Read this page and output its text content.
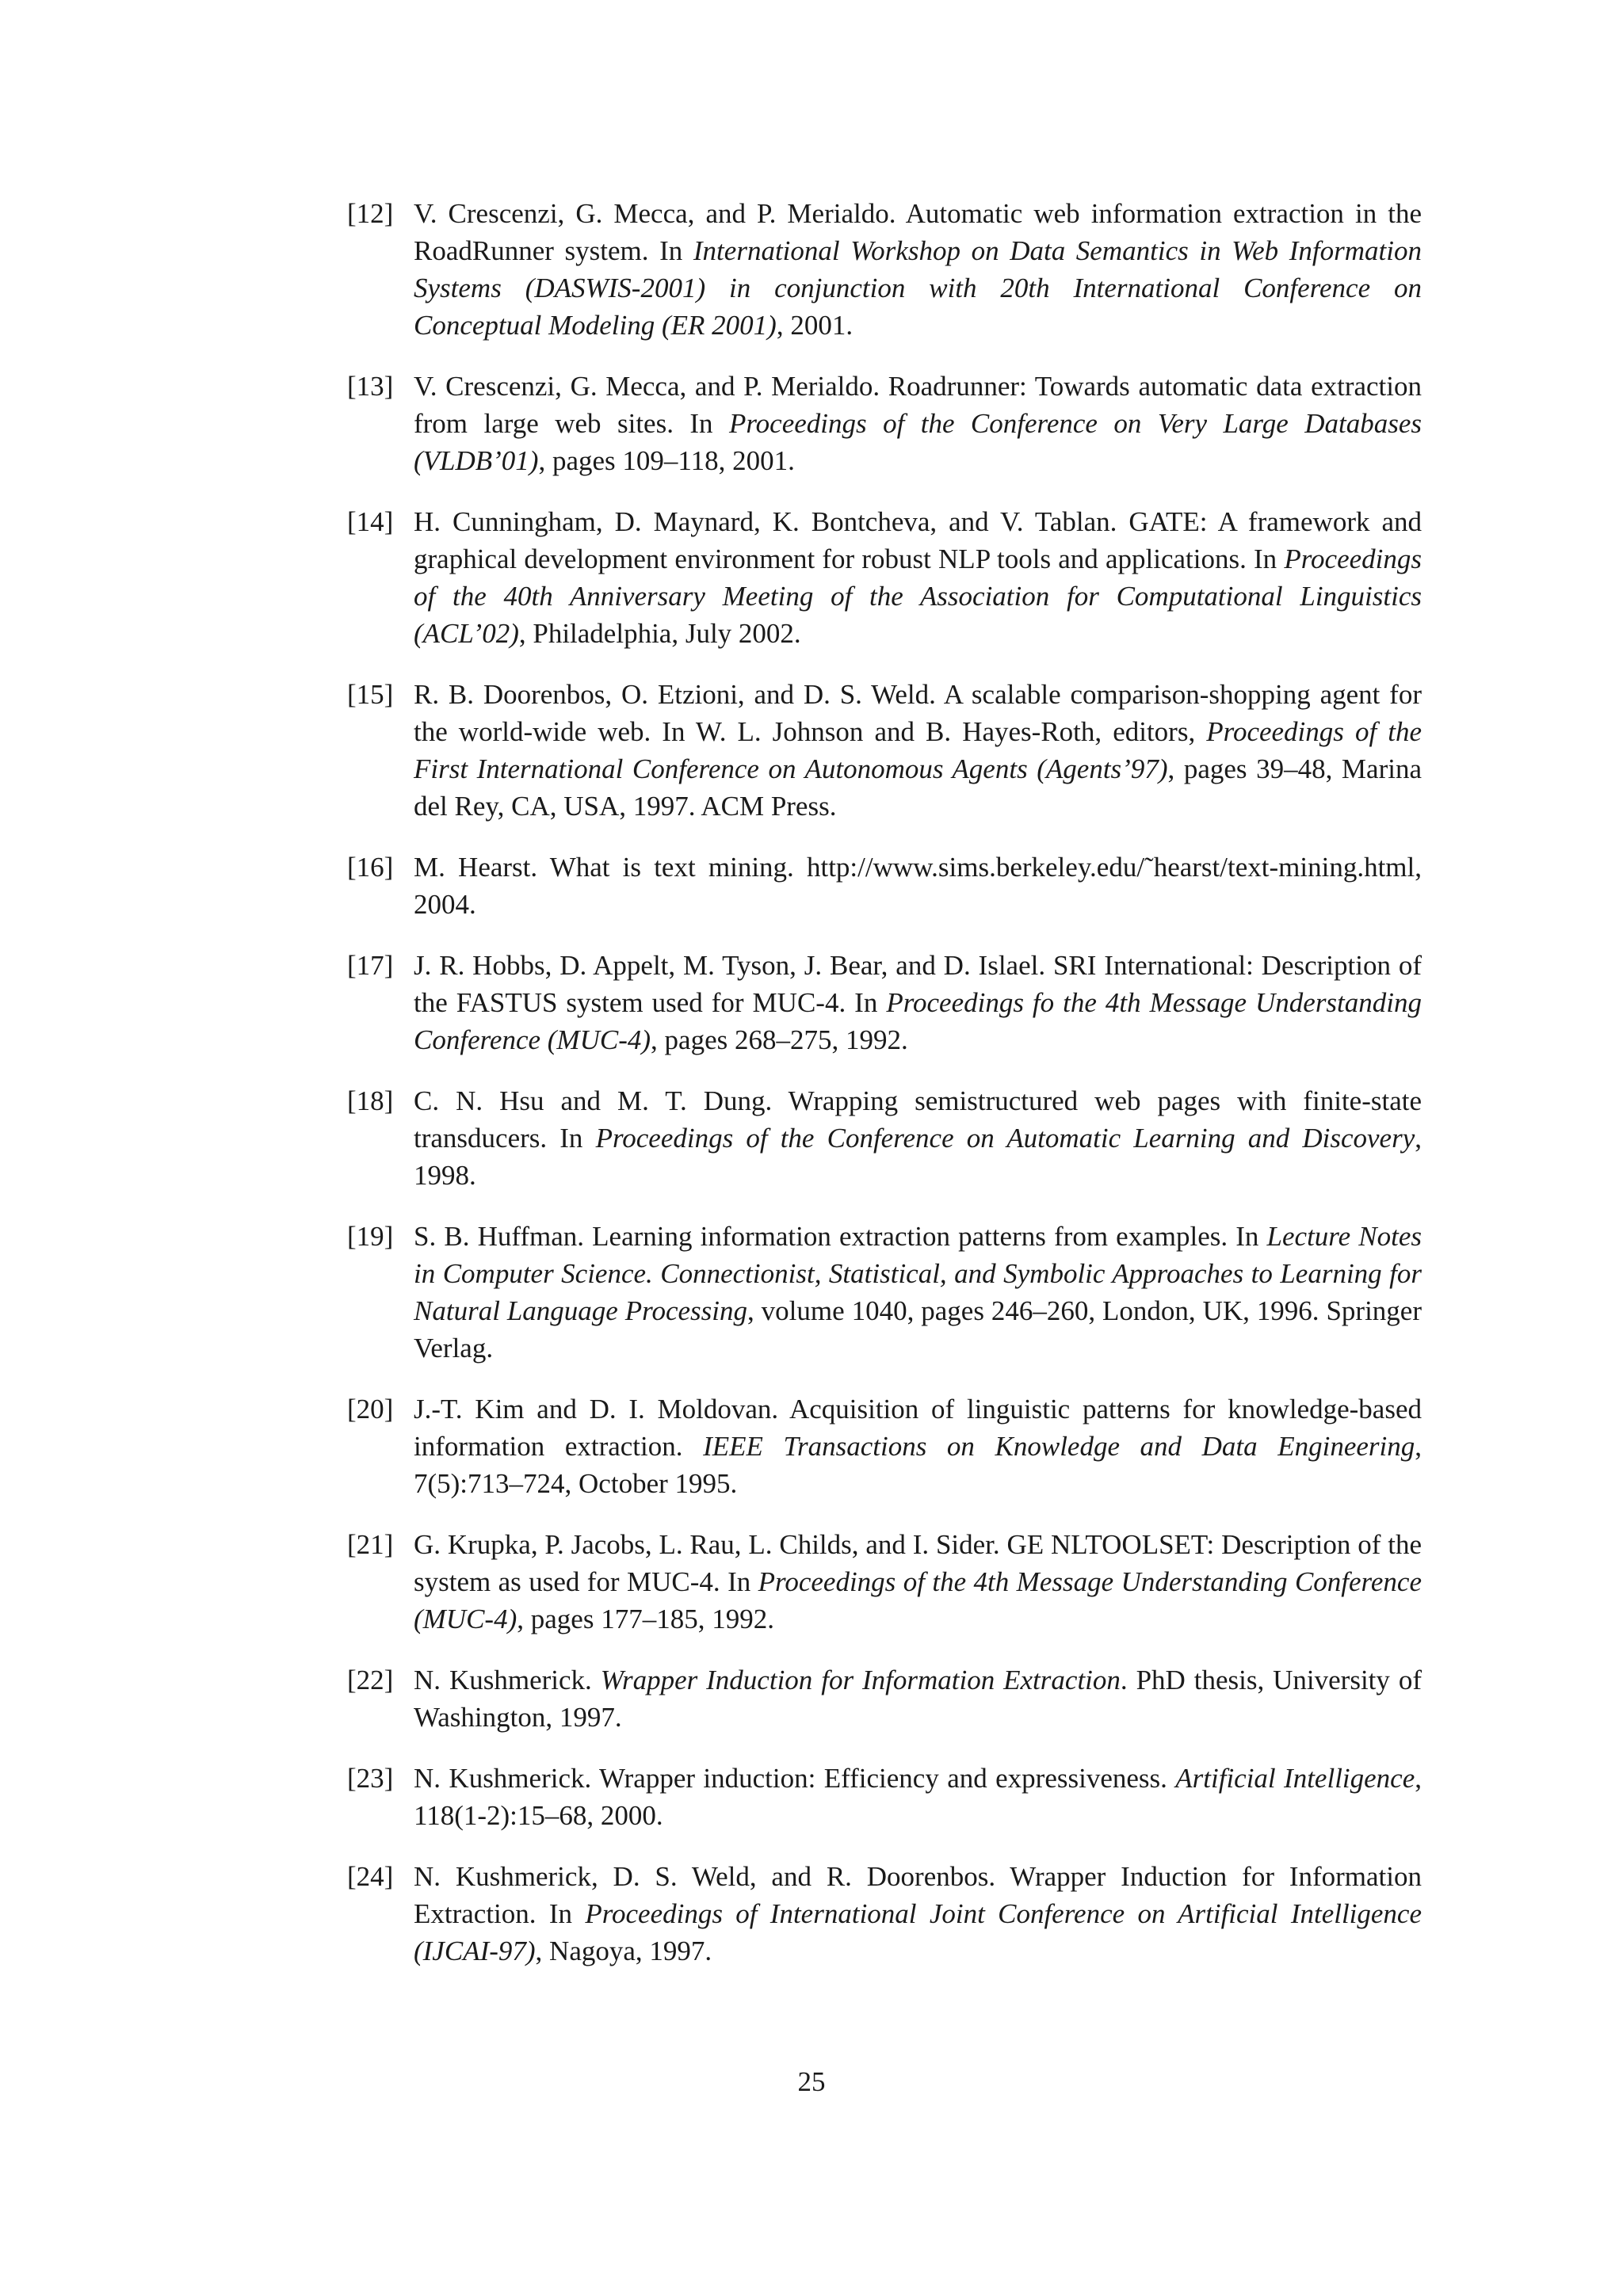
[12] V. Crescenzi, G. Mecca, and P. Merialdo. Automatic web information extraction in the RoadRunner system. In International Workshop on Data Semantics in Web Information Systems (DASWIS-2001) in conjunction with 20th International Conference on Conceptual Modeling (ER 2001), 2001.
[13] V. Crescenzi, G. Mecca, and P. Merialdo. Roadrunner: Towards automatic data extraction from large web sites. In Proceedings of the Conference on Very Large Databases (VLDB’01), pages 109–118, 2001.
[14] H. Cunningham, D. Maynard, K. Bontcheva, and V. Tablan. GATE: A framework and graphical development environment for robust NLP tools and applications. In Proceedings of the 40th Anniversary Meeting of the Association for Computational Linguistics (ACL’02), Philadelphia, July 2002.
[15] R. B. Doorenbos, O. Etzioni, and D. S. Weld. A scalable comparison-shopping agent for the world-wide web. In W. L. Johnson and B. Hayes-Roth, editors, Proceedings of the First International Conference on Autonomous Agents (Agents’97), pages 39–48, Marina del Rey, CA, USA, 1997. ACM Press.
[16] M. Hearst. What is text mining. http://www.sims.berkeley.edu/˜hearst/text-mining.html, 2004.
[17] J. R. Hobbs, D. Appelt, M. Tyson, J. Bear, and D. Islael. SRI International: Description of the FASTUS system used for MUC-4. In Proceedings fo the 4th Message Understanding Conference (MUC-4), pages 268–275, 1992.
[18] C. N. Hsu and M. T. Dung. Wrapping semistructured web pages with finite-state transducers. In Proceedings of the Conference on Automatic Learning and Discovery, 1998.
[19] S. B. Huffman. Learning information extraction patterns from examples. In Lecture Notes in Computer Science. Connectionist, Statistical, and Symbolic Approaches to Learning for Natural Language Processing, volume 1040, pages 246–260, London, UK, 1996. Springer Verlag.
[20] J.-T. Kim and D. I. Moldovan. Acquisition of linguistic patterns for knowledge-based information extraction. IEEE Transactions on Knowledge and Data Engineering, 7(5):713–724, October 1995.
[21] G. Krupka, P. Jacobs, L. Rau, L. Childs, and I. Sider. GE NLTOOLSET: Description of the system as used for MUC-4. In Proceedings of the 4th Message Understanding Conference (MUC-4), pages 177–185, 1992.
[22] N. Kushmerick. Wrapper Induction for Information Extraction. PhD thesis, University of Washington, 1997.
[23] N. Kushmerick. Wrapper induction: Efficiency and expressiveness. Artificial Intelligence, 118(1-2):15–68, 2000.
[24] N. Kushmerick, D. S. Weld, and R. Doorenbos. Wrapper Induction for Information Extraction. In Proceedings of International Joint Conference on Artificial Intelligence (IJCAI-97), Nagoya, 1997.
25
